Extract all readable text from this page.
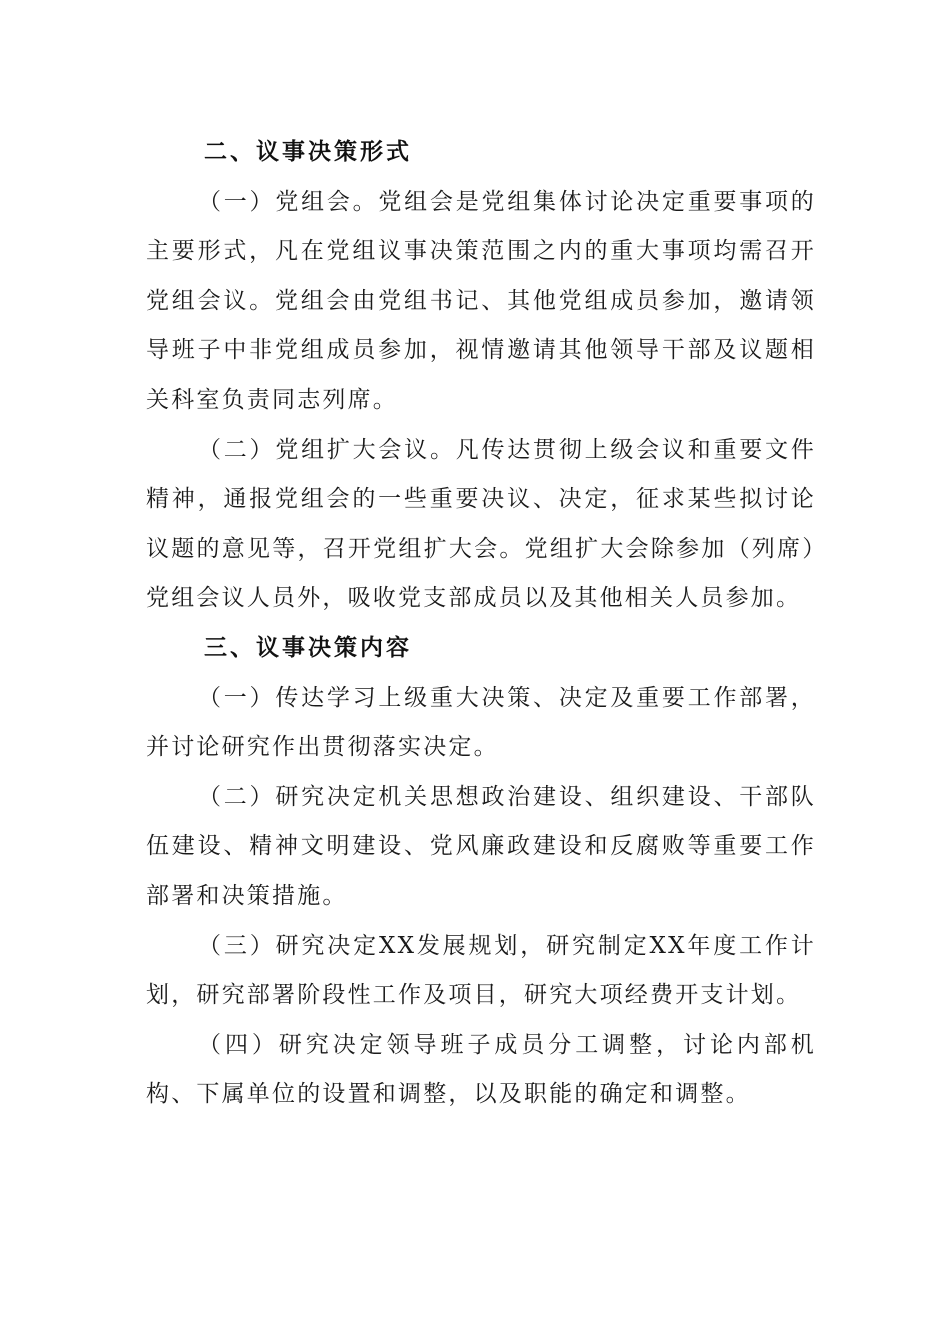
二、议事决策形式

（一）党组会。党组会是党组集体讨论决定重要事项的主要形式，凡在党组议事决策范围之内的重大事项均需召开党组会议。党组会由党组书记、其他党组成员参加，邀请领导班子中非党组成员参加，视情邀请其他领导干部及议题相关科室负责同志列席。

（二）党组扩大会议。凡传达贯彻上级会议和重要文件精神，通报党组会的一些重要决议、决定，征求某些拟讨论议题的意见等，召开党组扩大会。党组扩大会除参加（列席）党组会议人员外，吸收党支部成员以及其他相关人员参加。

三、议事决策内容

（一）传达学习上级重大决策、决定及重要工作部署，并讨论研究作出贯彻落实决定。

（二）研究决定机关思想政治建设、组织建设、干部队伍建设、精神文明建设、党风廉政建设和反腐败等重要工作部署和决策措施。

（三）研究决定XX发展规划，研究制定XX年度工作计划，研究部署阶段性工作及项目，研究大项经费开支计划。

（四）研究决定领导班子成员分工调整，讨论内部机构、下属单位的设置和调整，以及职能的确定和调整。
